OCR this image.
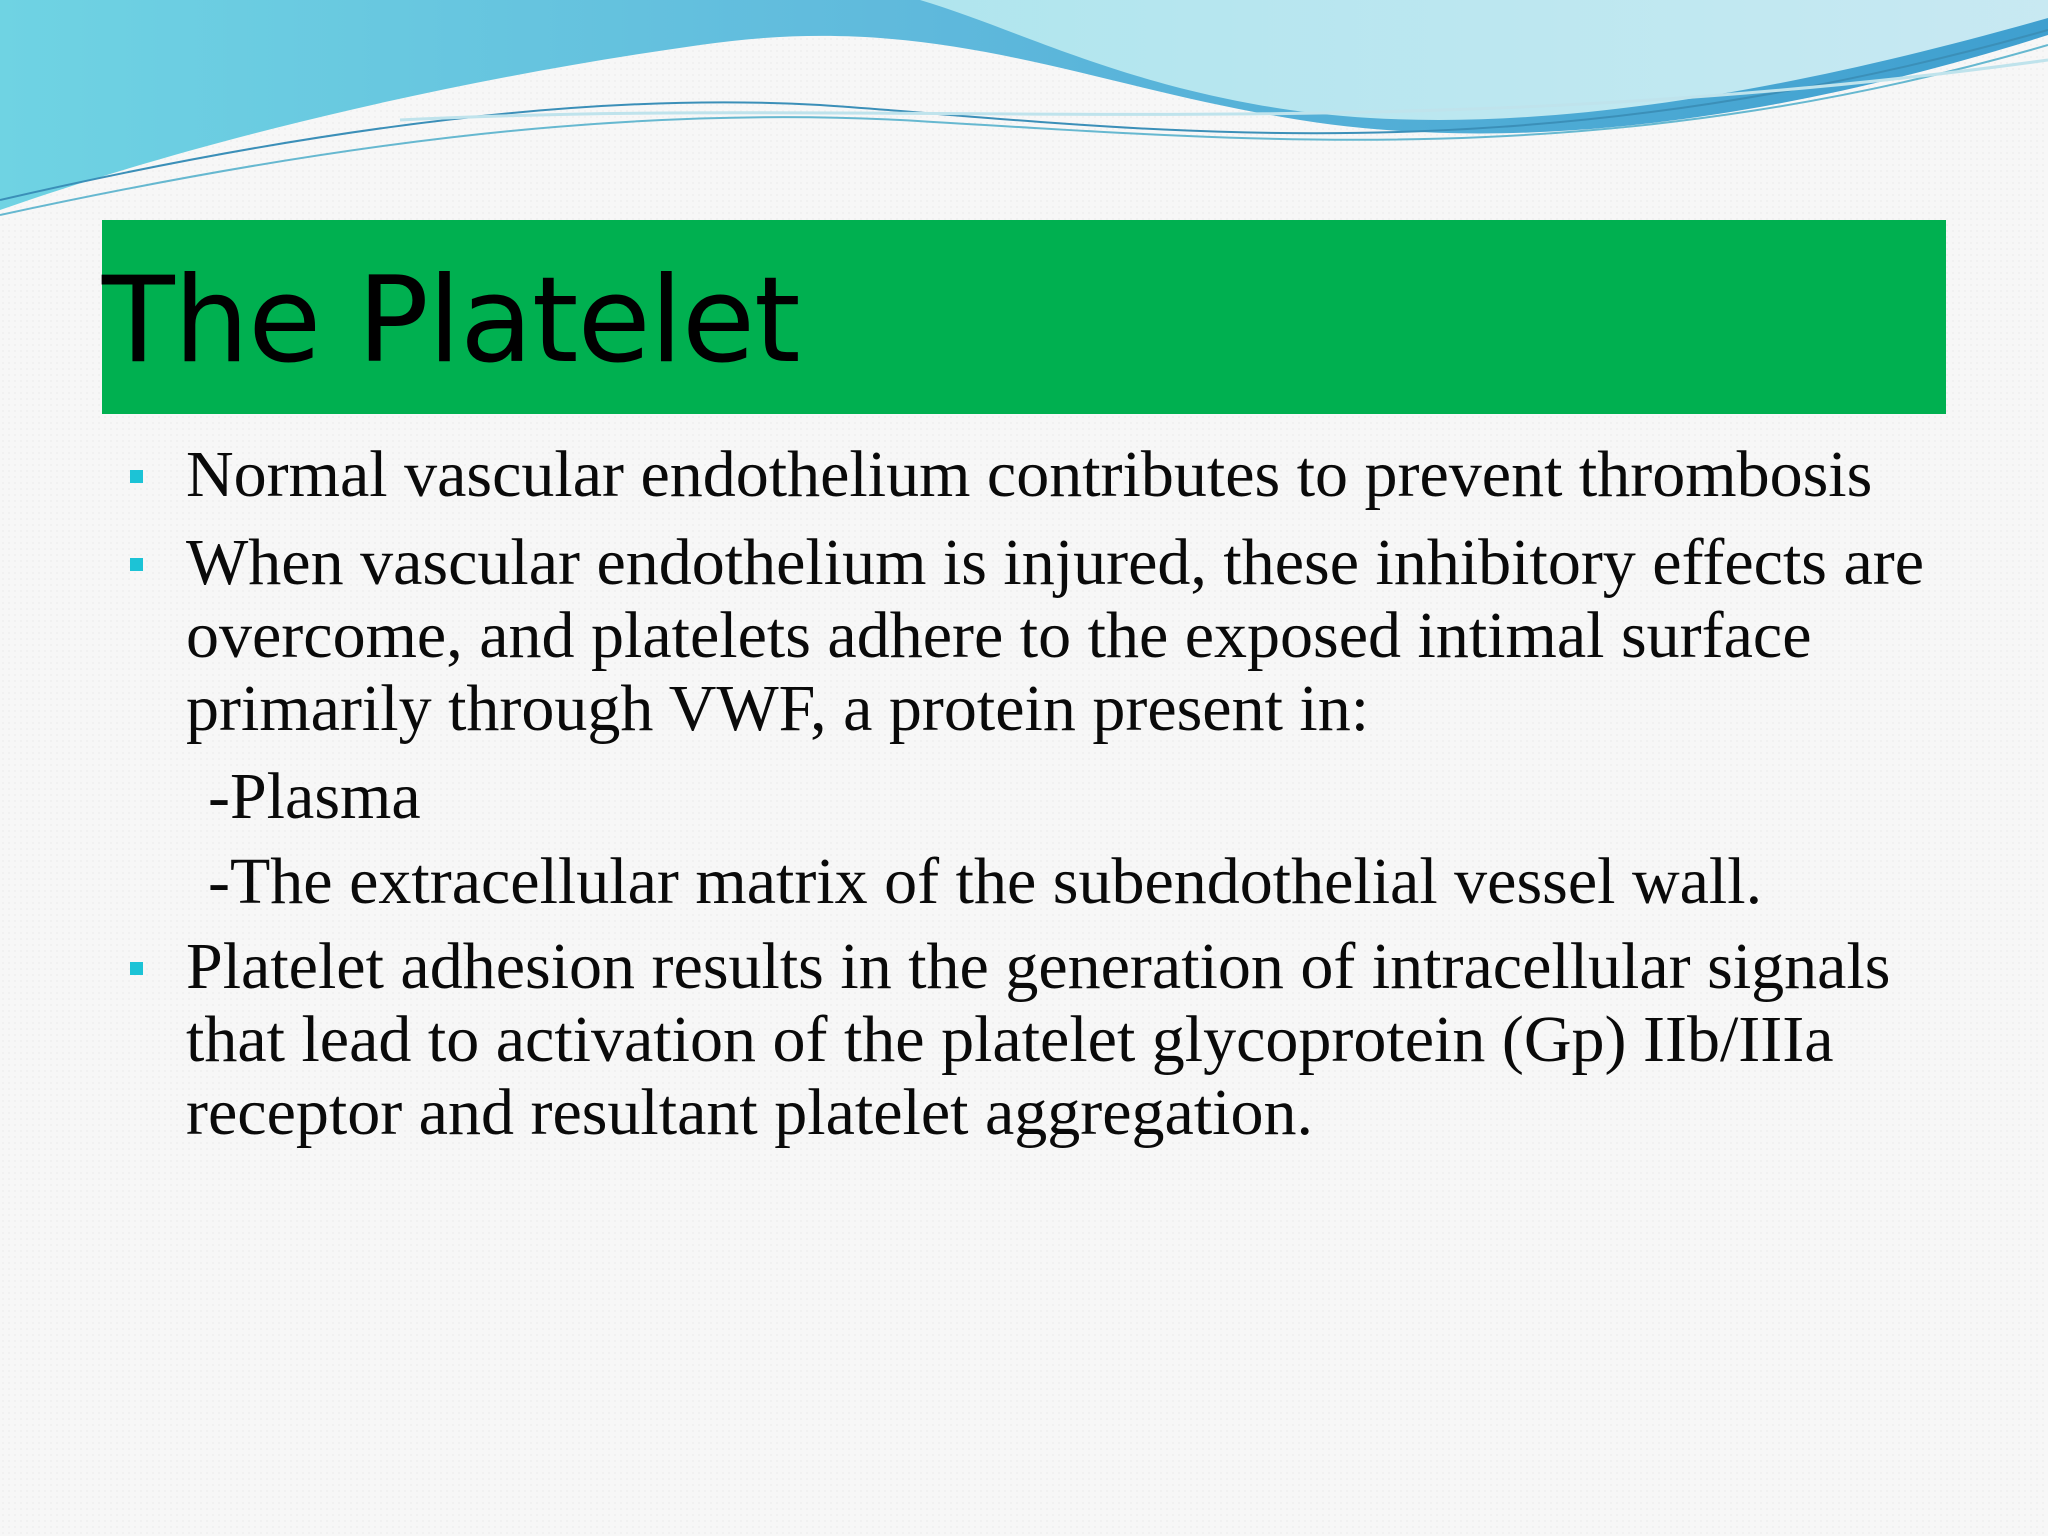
The Platelet
Normal vascular endothelium contributes to prevent thrombosis
When vascular endothelium is injured, these inhibitory effects are overcome, and platelets adhere to the exposed intimal surface primarily through VWF, a protein present in:
-Plasma
-The extracellular matrix of the subendothelial vessel wall.
Platelet adhesion results in the generation of intracellular signals that lead to activation of the platelet glycoprotein (Gp) IIb/IIIa receptor and resultant platelet aggregation.
